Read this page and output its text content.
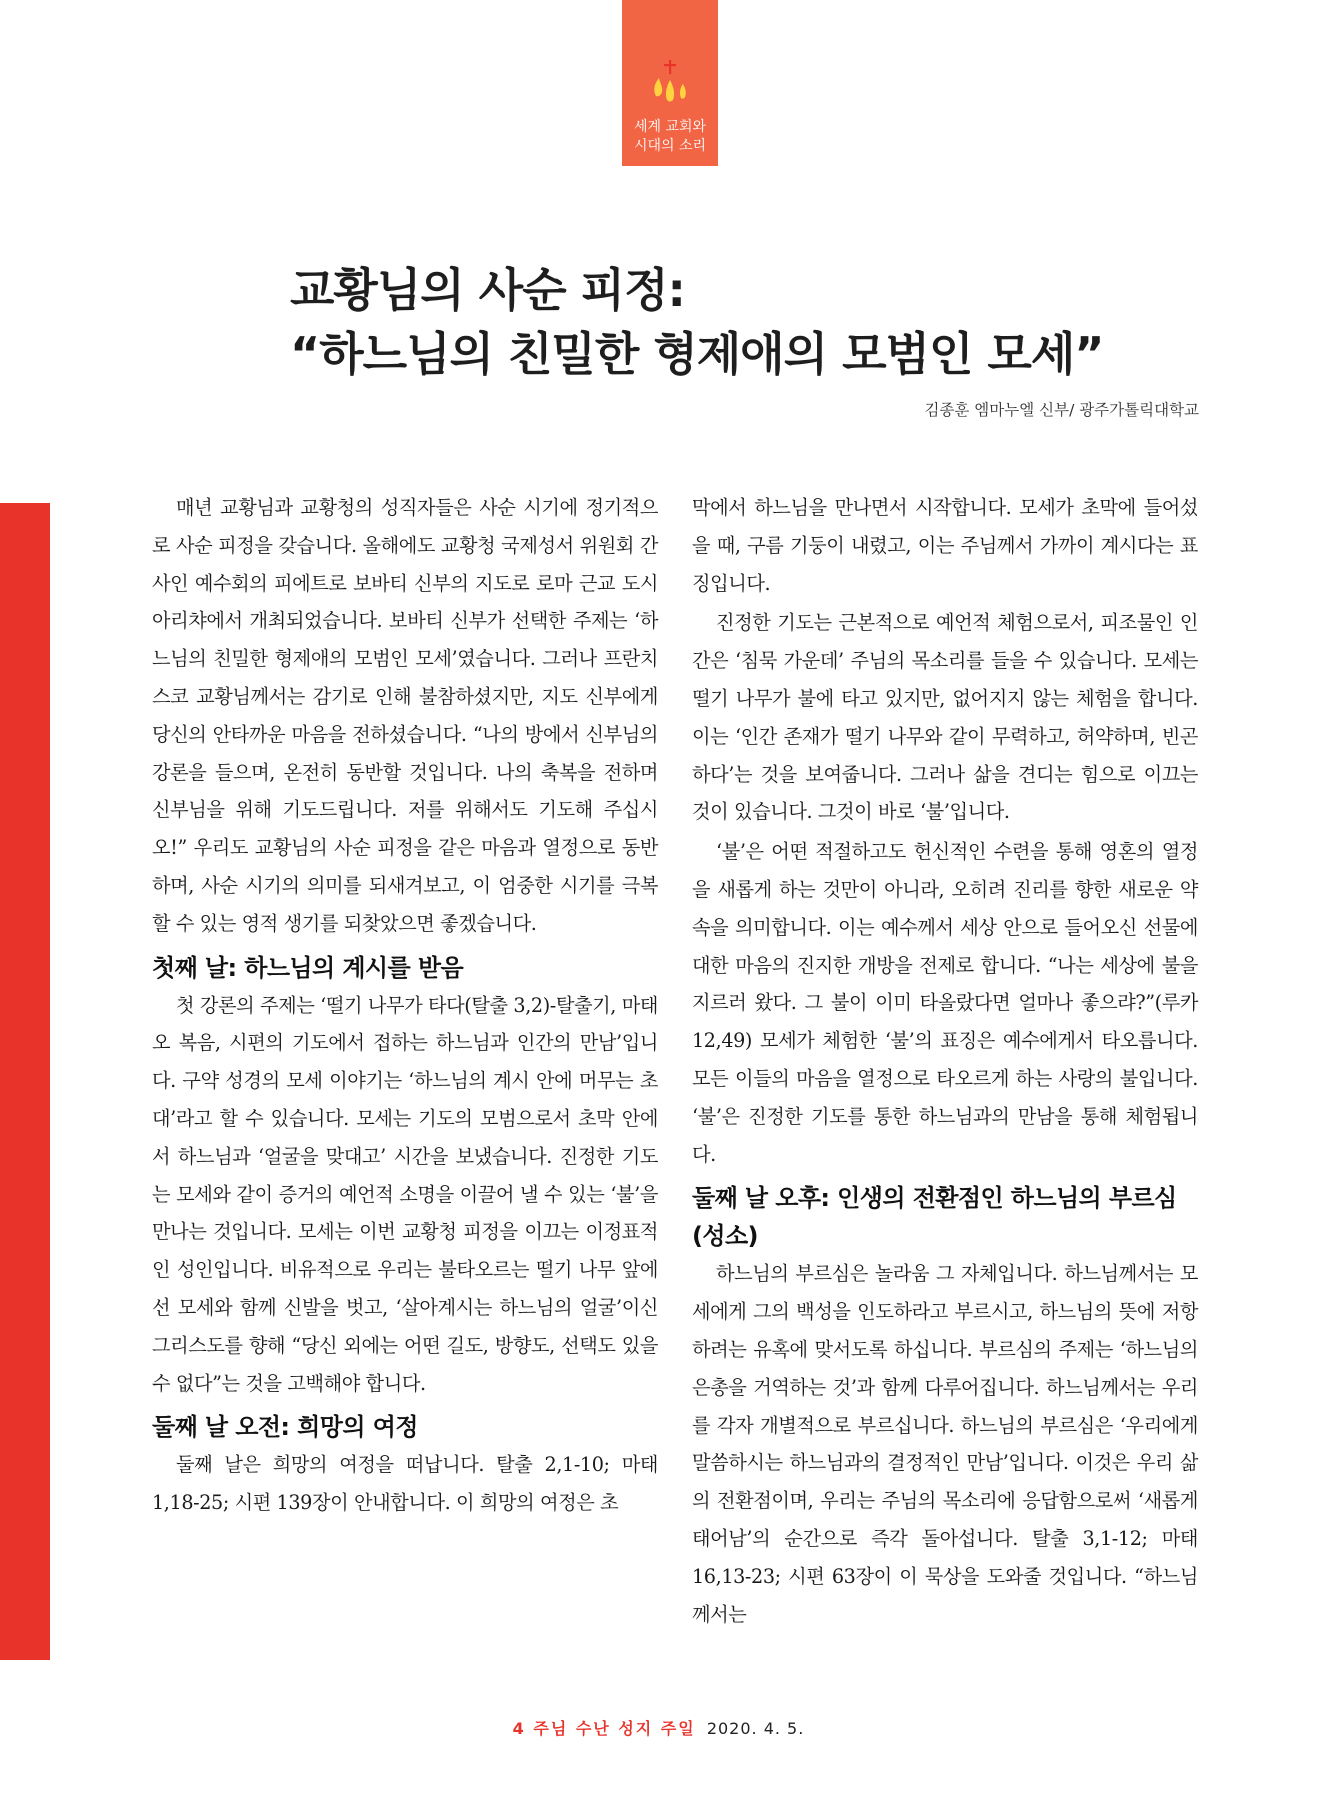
세계 교회와
시대의 소리
교황님의 사순 피정:
“하느님의 친밀한 형제애의 모범인 모세”
김종훈 엠마누엘 신부/ 광주가톨릭대학교

매년 교황님과 교황청의 성직자들은 사순 시기에 정기적으로 사순 피정을 갖습니다. 올해에도 교황청 국제성서 위원회 간사인 예수회의 피에트로 보바티 신부의 지도로 로마 근교 도시 아리챠에서 개최되었습니다. 보바티 신부가 선택한 주제는 ‘하느님의 친밀한 형제애의 모범인 모세’였습니다. 그러나 프란치스코 교황님께서는 감기로 인해 불참하셨지만, 지도 신부에게 당신의 안타까운 마음을 전하셨습니다. “나의 방에서 신부님의 강론을 들으며, 온전히 동반할 것입니다. 나의 축복을 전하며 신부님을 위해 기도드립니다. 저를 위해서도 기도해 주십시오!” 우리도 교황님의 사순 피정을 같은 마음과 열정으로 동반하며, 사순 시기의 의미를 되새겨보고, 이 엄중한 시기를 극복할 수 있는 영적 생기를 되찾았으면 좋겠습니다.

첫째 날: 하느님의 계시를 받음

첫 강론의 주제는 ‘떨기 나무가 타다(탈출 3,2)-탈출기, 마태오 복음, 시편의 기도에서 접하는 하느님과 인간의 만남’입니다. 구약 성경의 모세 이야기는 ‘하느님의 계시 안에 머무는 초대’라고 할 수 있습니다. 모세는 기도의 모범으로서 초막 안에서 하느님과 ‘얼굴을 맞대고’ 시간을 보냈습니다. 진정한 기도는 모세와 같이 증거의 예언적 소명을 이끌어 낼 수 있는 ‘불’을 만나는 것입니다. 모세는 이번 교황청 피정을 이끄는 이정표적인 성인입니다. 비유적으로 우리는 불타오르는 떨기 나무 앞에선 모세와 함께 신발을 벗고, ‘살아계시는 하느님의 얼굴’이신 그리스도를 향해 “당신 외에는 어떤 길도, 방향도, 선택도 있을 수 없다”는 것을 고백해야 합니다.

둘째 날 오전: 희망의 여정

둘째 날은 희망의 여정을 떠납니다. 탈출 2,1-10; 마태 1,18-25; 시편 139장이 안내합니다. 이 희망의 여정은 초

막에서 하느님을 만나면서 시작합니다. 모세가 초막에 들어섰을 때, 구름 기둥이 내렸고, 이는 주님께서 가까이 계시다는 표징입니다.

진정한 기도는 근본적으로 예언적 체험으로서, 피조물인 인간은 ‘침묵 가운데’ 주님의 목소리를 들을 수 있습니다. 모세는 떨기 나무가 불에 타고 있지만, 없어지지 않는 체험을 합니다. 이는 ‘인간 존재가 떨기 나무와 같이 무력하고, 허약하며, 빈곤하다’는 것을 보여줍니다. 그러나 삶을 견디는 힘으로 이끄는 것이 있습니다. 그것이 바로 ‘불’입니다.

‘불’은 어떤 적절하고도 헌신적인 수련을 통해 영혼의 열정을 새롭게 하는 것만이 아니라, 오히려 진리를 향한 새로운 약속을 의미합니다. 이는 예수께서 세상 안으로 들어오신 선물에 대한 마음의 진지한 개방을 전제로 합니다. “나는 세상에 불을 지르러 왔다. 그 불이 이미 타올랐다면 얼마나 좋으랴?”(루카 12,49) 모세가 체험한 ‘불’의 표징은 예수에게서 타오릅니다. 모든 이들의 마음을 열정으로 타오르게 하는 사랑의 불입니다. ‘불’은 진정한 기도를 통한 하느님과의 만남을 통해 체험됩니다.

둘째 날 오후: 인생의 전환점인 하느님의 부르심(성소)

하느님의 부르심은 놀라움 그 자체입니다. 하느님께서는 모세에게 그의 백성을 인도하라고 부르시고, 하느님의 뜻에 저항하려는 유혹에 맞서도록 하십니다. 부르심의 주제는 ‘하느님의 은총을 거역하는 것’과 함께 다루어집니다. 하느님께서는 우리를 각자 개별적으로 부르십니다. 하느님의 부르심은 ‘우리에게 말씀하시는 하느님과의 결정적인 만남’입니다. 이것은 우리 삶의 전환점이며, 우리는 주님의 목소리에 응답함으로써 ‘새롭게 태어남’의 순간으로 즉각 돌아섭니다. 탈출 3,1-12; 마태 16,13-23; 시편 63장이 이 묵상을 도와줄 것입니다. “하느님께서는

4 주님 수난 성지 주일 2020. 4. 5.
